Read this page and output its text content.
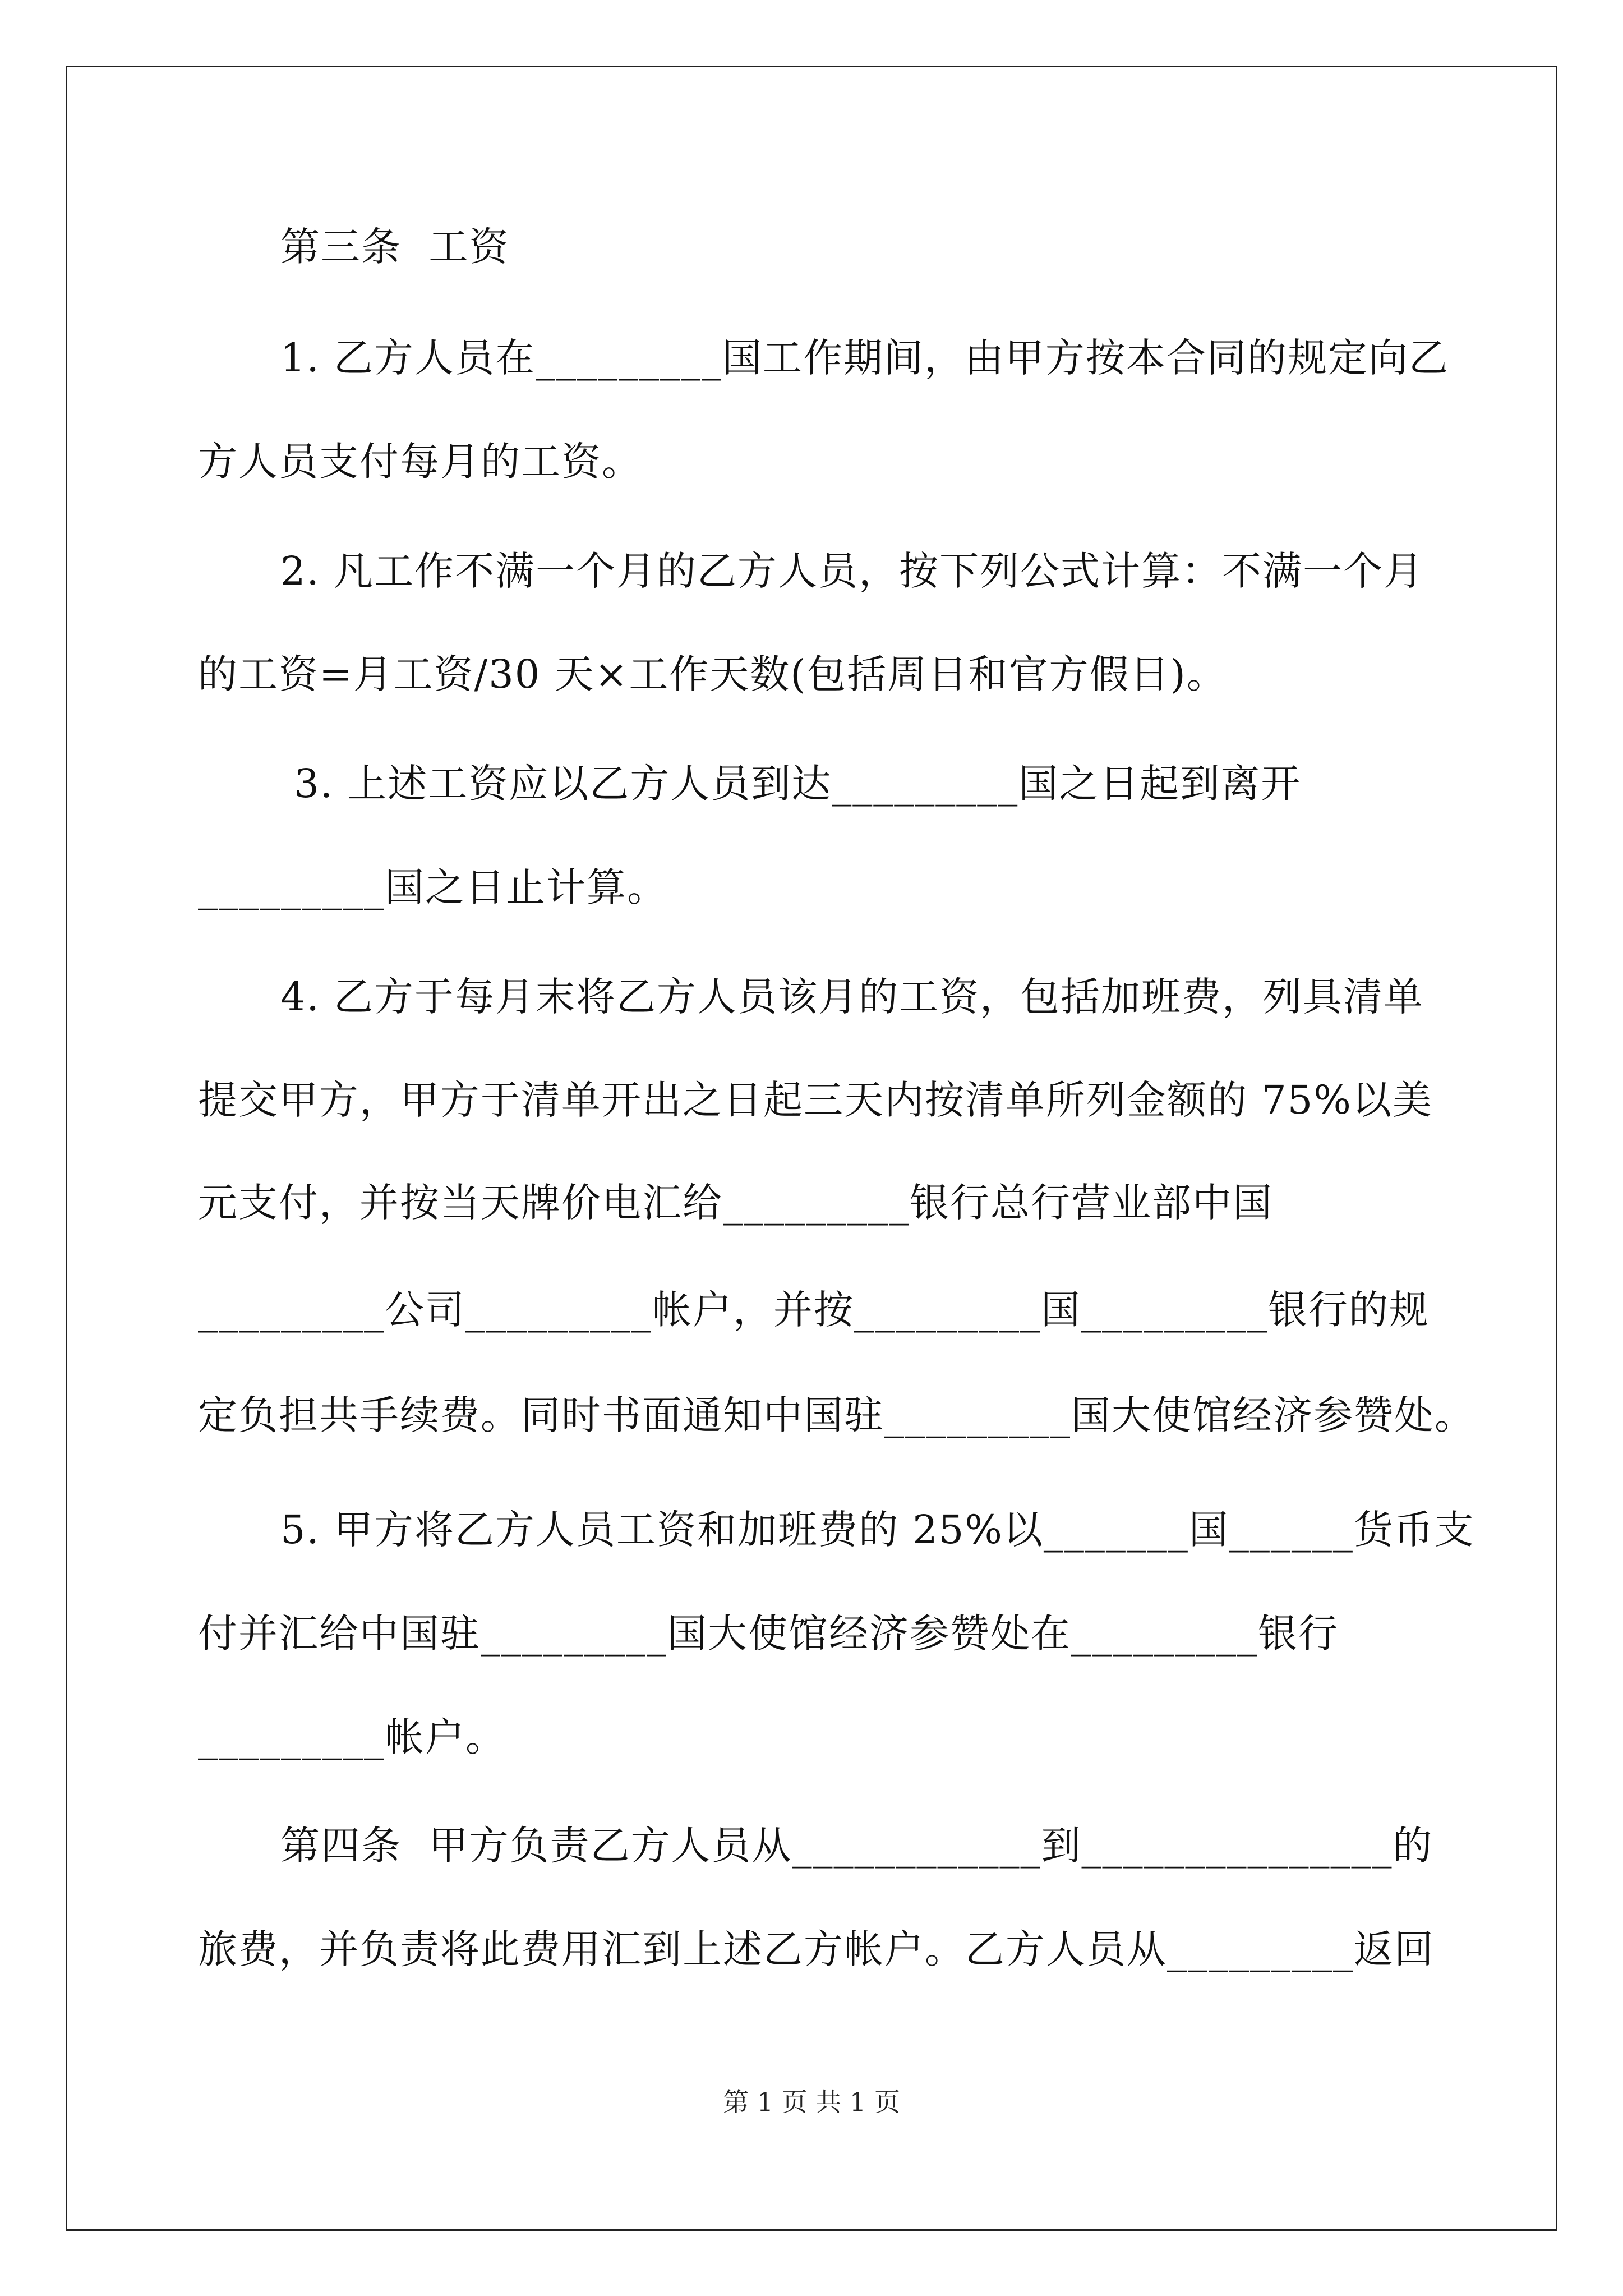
第三条  工资
1. 乙方人员在_________国工作期间，由甲方按本合同的规定向乙
方人员支付每月的工资。
2. 凡工作不满一个月的乙方人员，按下列公式计算：不满一个月
的工资=月工资/30 天×工作天数(包括周日和官方假日)。
3. 上述工资应以乙方人员到达_________国之日起到离开
_________国之日止计算。
4. 乙方于每月末将乙方人员该月的工资，包括加班费，列具清单
提交甲方，甲方于清单开出之日起三天内按清单所列金额的 75%以美
元支付，并按当天牌价电汇给_________银行总行营业部中国
_________公司_________帐户，并按_________国_________银行的规
定负担共手续费。同时书面通知中国驻_________国大使馆经济参赞处。
5. 甲方将乙方人员工资和加班费的 25%以_______国______货币支
付并汇给中国驻_________国大使馆经济参赞处在_________银行
_________帐户。
第四条  甲方负责乙方人员从____________到_______________的
旅费，并负责将此费用汇到上述乙方帐户。乙方人员从_________返回
第 1 页 共 1 页
